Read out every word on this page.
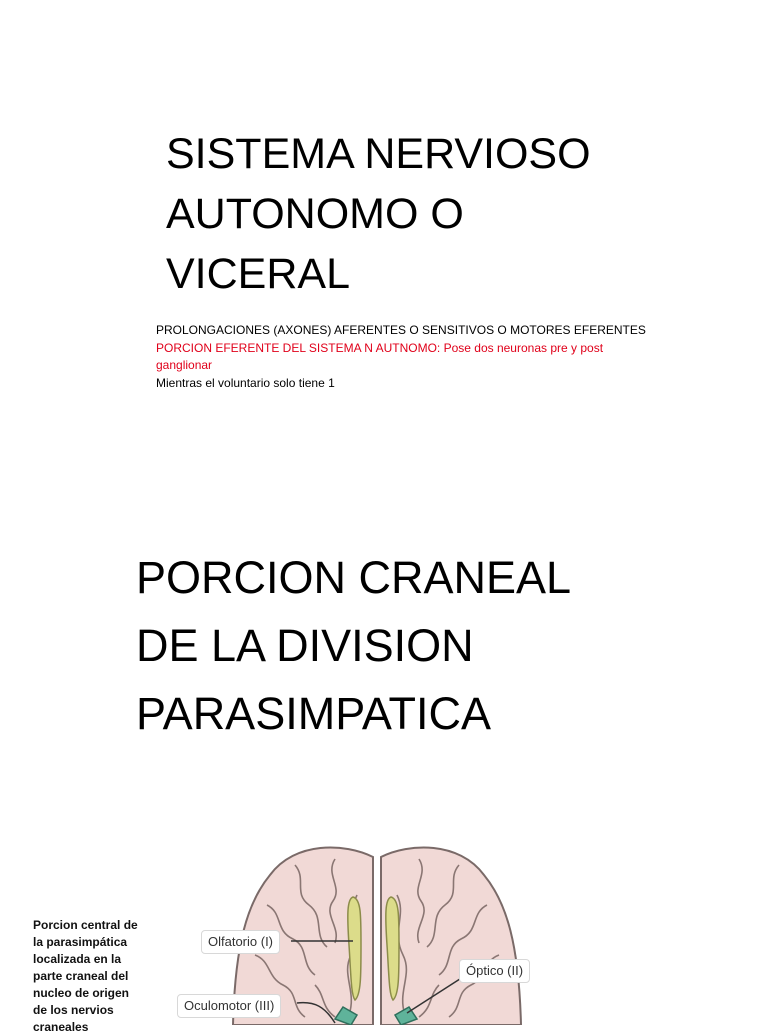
SISTEMA NERVIOSO
AUTONOMO O
VICERAL
PROLONGACIONES (AXONES) AFERENTES O SENSITIVOS O MOTORES EFERENTES
PORCION EFERENTE DEL SISTEMA N AUTNOMO: Pose dos neuronas pre y post ganglionar
Mientras el voluntario solo tiene 1
PORCION CRANEAL
DE LA DIVISION
PARASIMPATICA
Porcion central de la parasimpática localizada en la parte craneal del nucleo de origen de los nervios craneales
Olfatorio (I)
Óptico (II)
Oculomotor (III)
